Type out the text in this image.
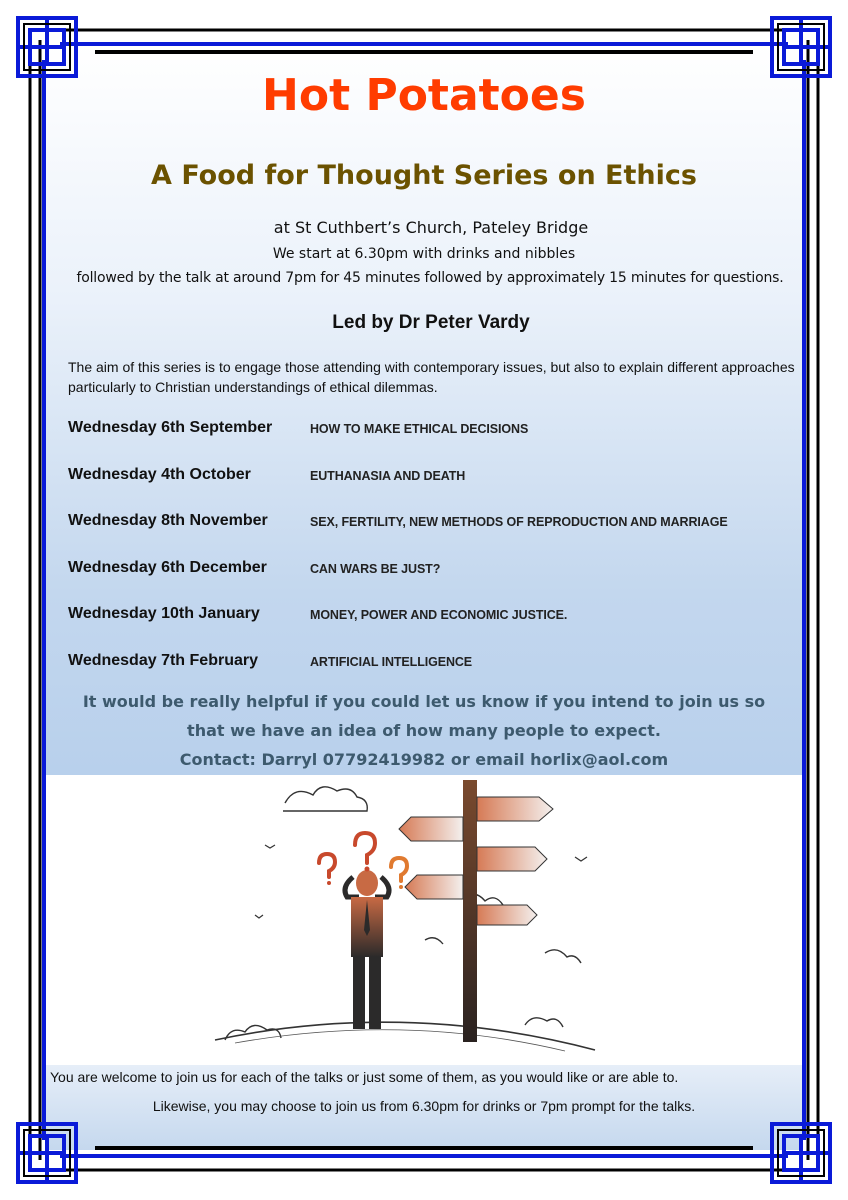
Hot Potatoes
A Food for Thought Series on Ethics
at St Cuthbert’s Church, Pateley Bridge
We start at 6.30pm with drinks and nibbles
followed by the talk at around 7pm for 45 minutes followed by approximately 15 minutes for questions.
Led by Dr Peter Vardy

The aim of this series is to engage those attending with contemporary issues, but also to explain different approaches particularly to Christian understandings of ethical dilemmas.

Wednesday 6th September	HOW TO MAKE ETHICAL DECISIONS
Wednesday 4th October	EUTHANASIA AND DEATH
Wednesday 8th November	SEX, FERTILITY, NEW METHODS OF REPRODUCTION AND MARRIAGE
Wednesday 6th December	CAN WARS BE JUST?
Wednesday 10th January	MONEY, POWER AND ECONOMIC JUSTICE.
Wednesday 7th February	ARTIFICIAL INTELLIGENCE
It would be really helpful if you could let us know if you intend to join us so
that we have an idea of how many people to expect.
Contact: Darryl 07792419982 or email horlix@aol.com
You are welcome to join us for each of the talks or just some of them, as you would like or are able to.
Likewise, you may choose to join us from 6.30pm for drinks or 7pm prompt for the talks.
